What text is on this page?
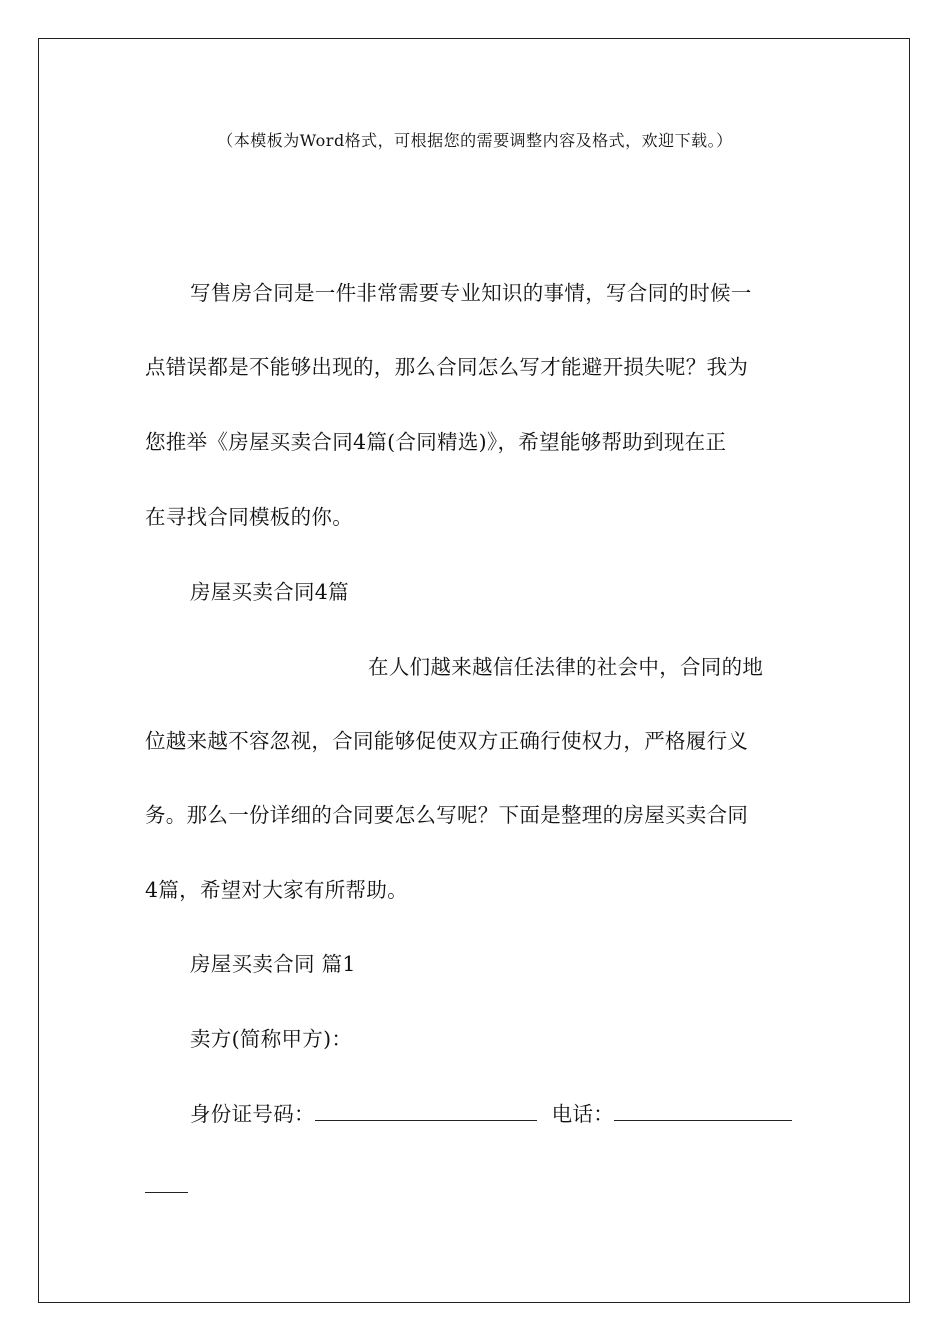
（本模板为Word格式，可根据您的需要调整内容及格式，欢迎下载。）
写售房合同是一件非常需要专业知识的事情，写合同的时候一
点错误都是不能够出现的，那么合同怎么写才能避开损失呢？我为
您推举《房屋买卖合同4篇(合同精选)》，希望能够帮助到现在正
在寻找合同模板的你。
房屋买卖合同4篇
在人们越来越信任法律的社会中，合同的地
位越来越不容忽视，合同能够促使双方正确行使权力，严格履行义
务。那么一份详细的合同要怎么写呢？下面是整理的房屋买卖合同
4篇，希望对大家有所帮助。
房屋买卖合同 篇1
卖方(简称甲方)：
身份证号码：	电话：
